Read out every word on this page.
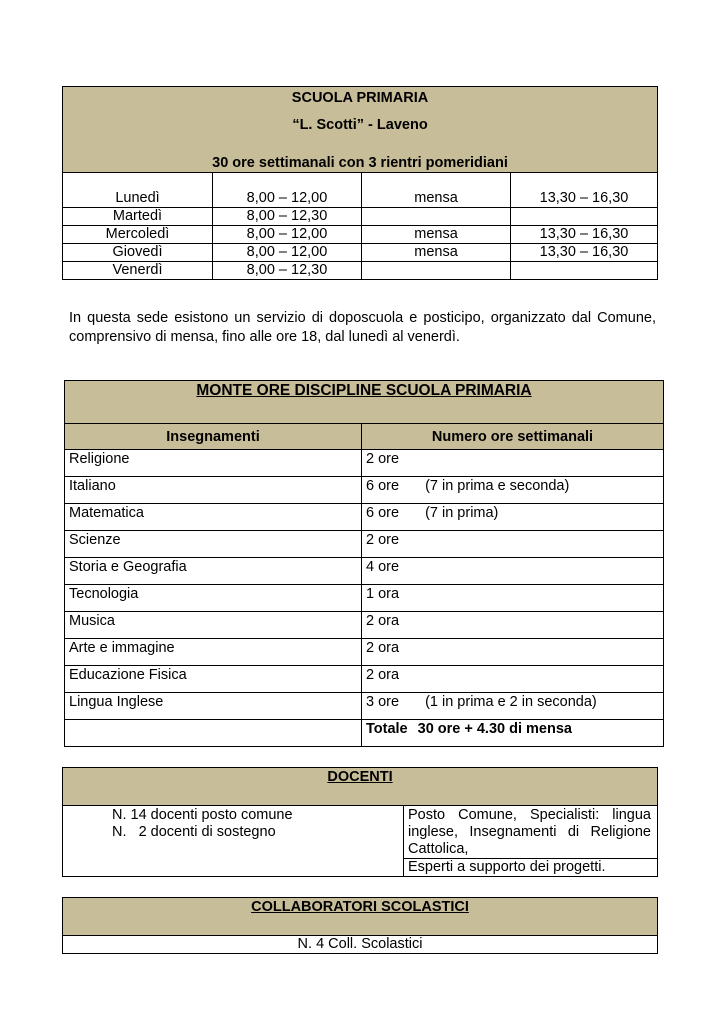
SCUOLA PRIMARIA
“L. Scotti” - Laveno
30 ore settimanali con 3 rientri pomeridiani			

Lunedì	8,00 – 12,00	mensa	13,30 – 16,30
Martedì	8,00 – 12,30		
Mercoledì	8,00 – 12,00	mensa	13,30 – 16,30
Giovedì	8,00 – 12,00	mensa	13,30 – 16,30
Venerdì	8,00 – 12,30		

In questa sede esistono un servizio di doposcuola e posticipo, organizzato dal Comune, comprensivo di mensa, fino alle ore 18, dal lunedì al venerdì.

MONTE ORE DISCIPLINE SCUOLA PRIMARIA	
Insegnamenti	Numero ore settimanali
Religione	2 ore
Italiano	6 ore (7 in prima e seconda)
Matematica	6 ore (7 in prima)
Scienze	2 ore
Storia e Geografia	4 ore
Tecnologia	1 ora
Musica	2 ora
Arte e immagine	2 ora
Educazione Fisica	2 ora
Lingua Inglese	3 ore (1 in prima e 2 in seconda)
	Totale 30 ore + 4.30 di mensa
DOCENTI

N. 14 docenti posto comune
N.   2 docenti di sostegno
	Posto Comune, Specialisti: lingua inglese, Insegnamenti di Religione Cattolica,
Esperti a supporto dei progetti.
COLLABORATORI SCOLASTICI
N. 4 Coll. Scolastici
